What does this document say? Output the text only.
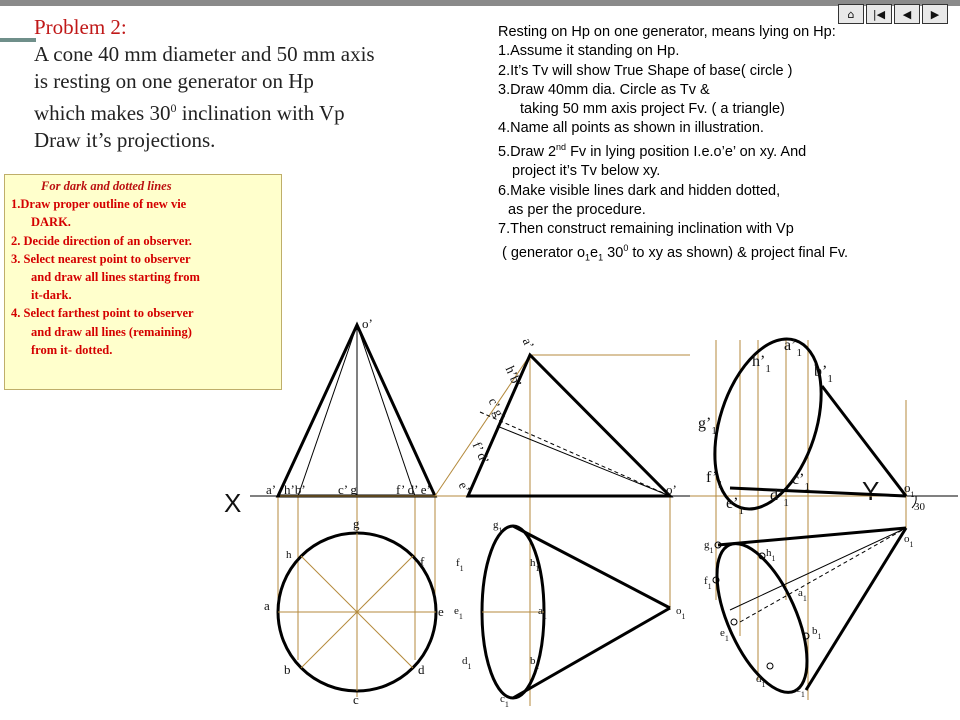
Problem 2:
A cone 40 mm diameter and 50 mm axis
is resting on one generator on Hp
which makes $30^0$ inclination with Vp
Draw it’s projections.
Solution Steps:
Resting on Hp on one generator, means lying on Hp:
1.Assume it standing on Hp.
2.It’s Tv will show True Shape of base( circle )
3.Draw 40mm dia. Circle as Tv &
taking 50 mm axis project Fv. ( a triangle)
4.Name all points as shown in illustration.
5.Draw 2nd Fv in lying position I.e.o’e’ on xy. And
project it’s Tv below xy.
6.Make visible lines dark and hidden dotted,
as per the procedure.
7.Then construct remaining inclination with Vp
( generator $o_1e_1$ $30^0$ to xy as shown) & project final Fv.
⌂ |◀ ◀ ▶
For dark and dotted lines
1.Draw proper outline of new vie
DARK.
2. Decide direction of an observer.
3. Select nearest point to observer
and draw all lines starting from
it-dark.
4. Select farthest point to observer
and draw all lines (remaining)
from it- dotted.
X	Y
a’ h’b’ c’ g	f’ d’ e’
o’
g
h	f
a	e
b	d
c
a’
h’b’
c’ g’
f’ d’
e’	o’
$g_1$
$f_1$	$h_1$
$e_1$	$a_1$
$d_1$	$b_1$
$c_1$
$o_1$
$a’_1$
$h’_1$	$b’_1$
$g’_1$
$f’_1$	$c’_1$
$d’_1$
$e’_1$
$o_1$
30
$g_1$	$h_1$
$f_1$
$a_1$
$e_1$
$b_1$
$d_1$	$c_1$
$o_1$
